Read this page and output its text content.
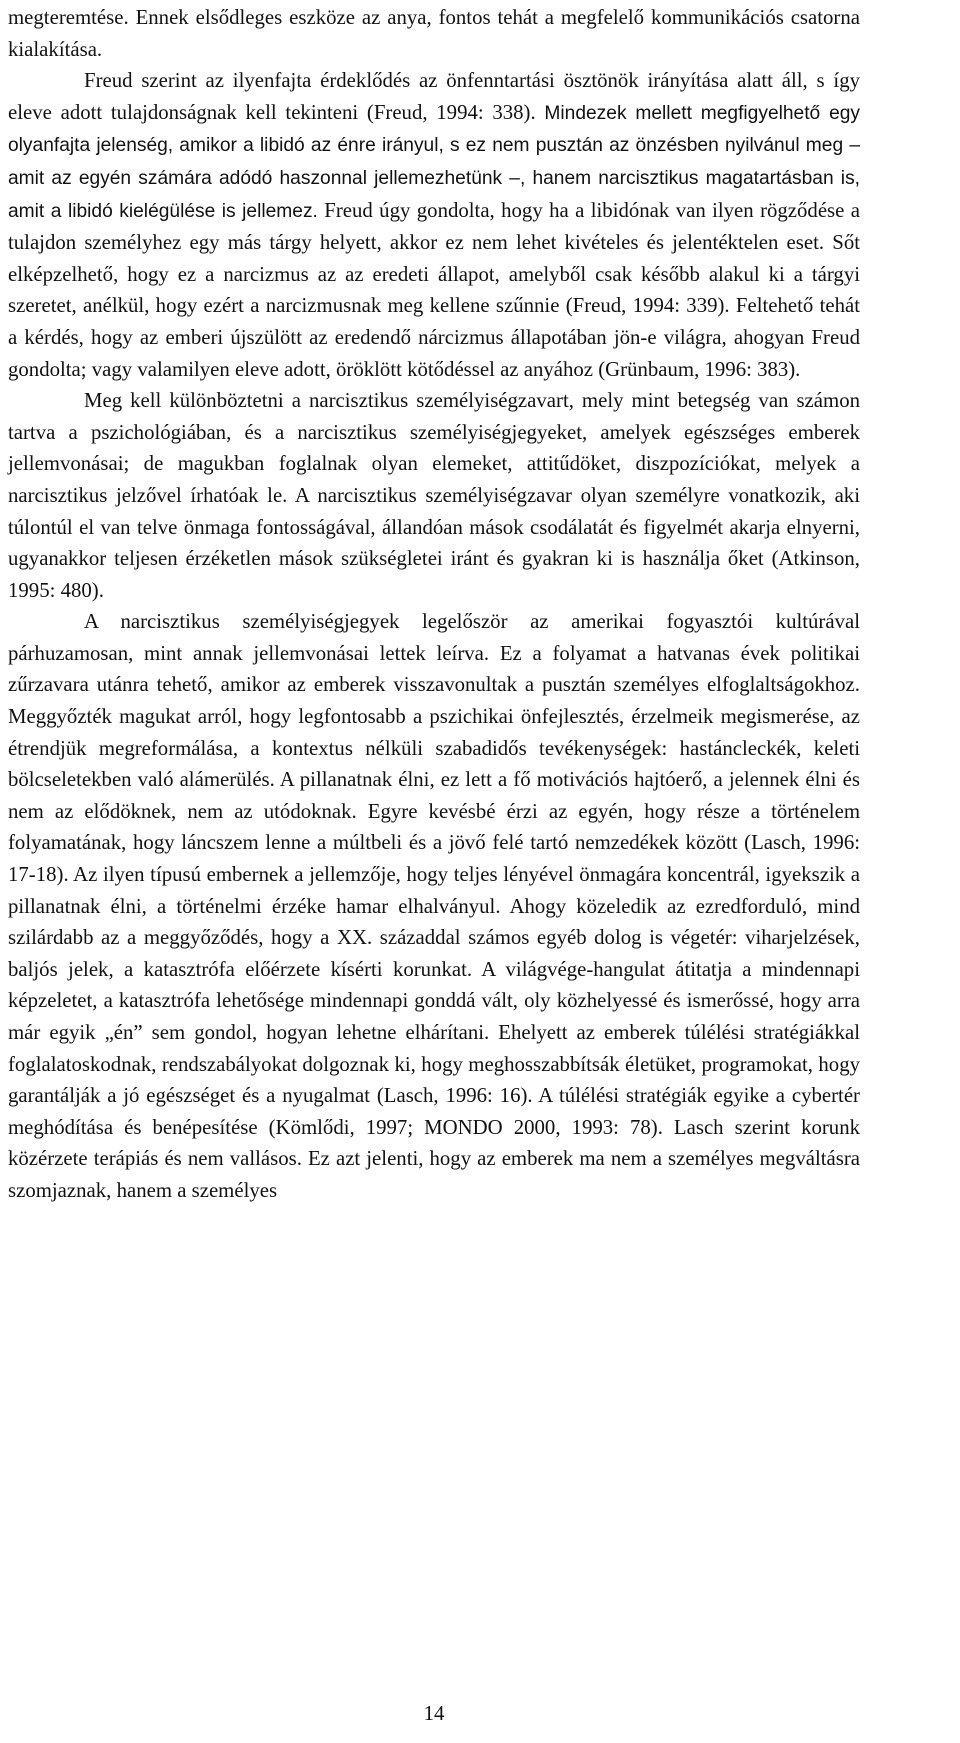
megteremtése. Ennek elsődleges eszköze az anya, fontos tehát a megfelelő kommunikációs csatorna kialakítása.

Freud szerint az ilyenfajta érdeklődés az önfenntartási ösztönök irányítása alatt áll, s így eleve adott tulajdonságnak kell tekinteni (Freud, 1994: 338). Mindezek mellett megfigyelhető egy olyanfajta jelenség, amikor a libidó az énre irányul, s ez nem pusztán az önzésben nyilvánul meg – amit az egyén számára adódó haszonnal jellemezhetünk –, hanem narcisztikus magatartásban is, amit a libidó kielégülése is jellemez. Freud úgy gondolta, hogy ha a libidónak van ilyen rögződése a tulajdon személyhez egy más tárgy helyett, akkor ez nem lehet kivételes és jelentéktelen eset. Sőt elképzelhető, hogy ez a narcizmus az az eredeti állapot, amelyből csak később alakul ki a tárgyi szeretet, anélkül, hogy ezért a narcizmusnak meg kellene szűnnie (Freud, 1994: 339). Feltehető tehát a kérdés, hogy az emberi újszülött az eredendő nárcizmus állapotában jön-e világra, ahogyan Freud gondolta; vagy valamilyen eleve adott, öröklött kötődéssel az anyához (Grünbaum, 1996: 383).

Meg kell különböztetni a narcisztikus személyiségzavart, mely mint betegség van számon tartva a pszichológiában, és a narcisztikus személyiségjegyeket, amelyek egészséges emberek jellemvonásai; de magukban foglalnak olyan elemeket, attitűdöket, diszpozíciókat, melyek a narcisztikus jelzővel írhatóak le. A narcisztikus személyiségzavar olyan személyre vonatkozik, aki túlontúl el van telve önmaga fontosságával, állandóan mások csodálatát és figyelmét akarja elnyerni, ugyanakkor teljesen érzéketlen mások szükségletei iránt és gyakran ki is használja őket (Atkinson, 1995: 480).

A narcisztikus személyiségjegyek legelőször az amerikai fogyasztói kultúrával párhuzamosan, mint annak jellemvonásai lettek leírva. Ez a folyamat a hatvanas évek politikai zűrzavara utánra tehető, amikor az emberek visszavonultak a pusztán személyes elfoglaltságokhoz. Meggyőzték magukat arról, hogy legfontosabb a pszichikai önfejlesztés, érzelmeik megismerése, az étrendjük megreformálása, a kontextus nélküli szabadidős tevékenységek: hastáncleckék, keleti bölcseletekben való alámerülés. A pillanatnak élni, ez lett a fő motivációs hajtóerő, a jelennek élni és nem az elődöknek, nem az utódoknak. Egyre kevésbé érzi az egyén, hogy része a történelem folyamatának, hogy láncszem lenne a múltbeli és a jövő felé tartó nemzedékek között (Lasch, 1996: 17-18). Az ilyen típusú embernek a jellemzője, hogy teljes lényével önmagára koncentrál, igyekszik a pillanatnak élni, a történelmi érzéke hamar elhalványul. Ahogy közeledik az ezredforduló, mind szilárdabb az a meggyőződés, hogy a XX. századdal számos egyéb dolog is végetér: viharjelzések, baljós jelek, a katasztrófa előérzete kísérti korunkat. A világvége-hangulat átitatja a mindennapi képzeletet, a katasztrófa lehetősége mindennapi gonddá vált, oly közhelyessé és ismerőssé, hogy arra már egyik „én” sem gondol, hogyan lehetne elhárítani. Ehelyett az emberek túlélési stratégiákkal foglalatoskodnak, rendszabályokat dolgoznak ki, hogy meghosszabbítsák életüket, programokat, hogy garantálják a jó egészséget és a nyugalmat (Lasch, 1996: 16). A túlélési stratégiák egyike a cybertér meghódítása és benépesítése (Kömlődi, 1997; MONDO 2000, 1993: 78). Lasch szerint korunk közérzete terápiás és nem vallásos. Ez azt jelenti, hogy az emberek ma nem a személyes megváltásra szomjaznak, hanem a személyes

14
